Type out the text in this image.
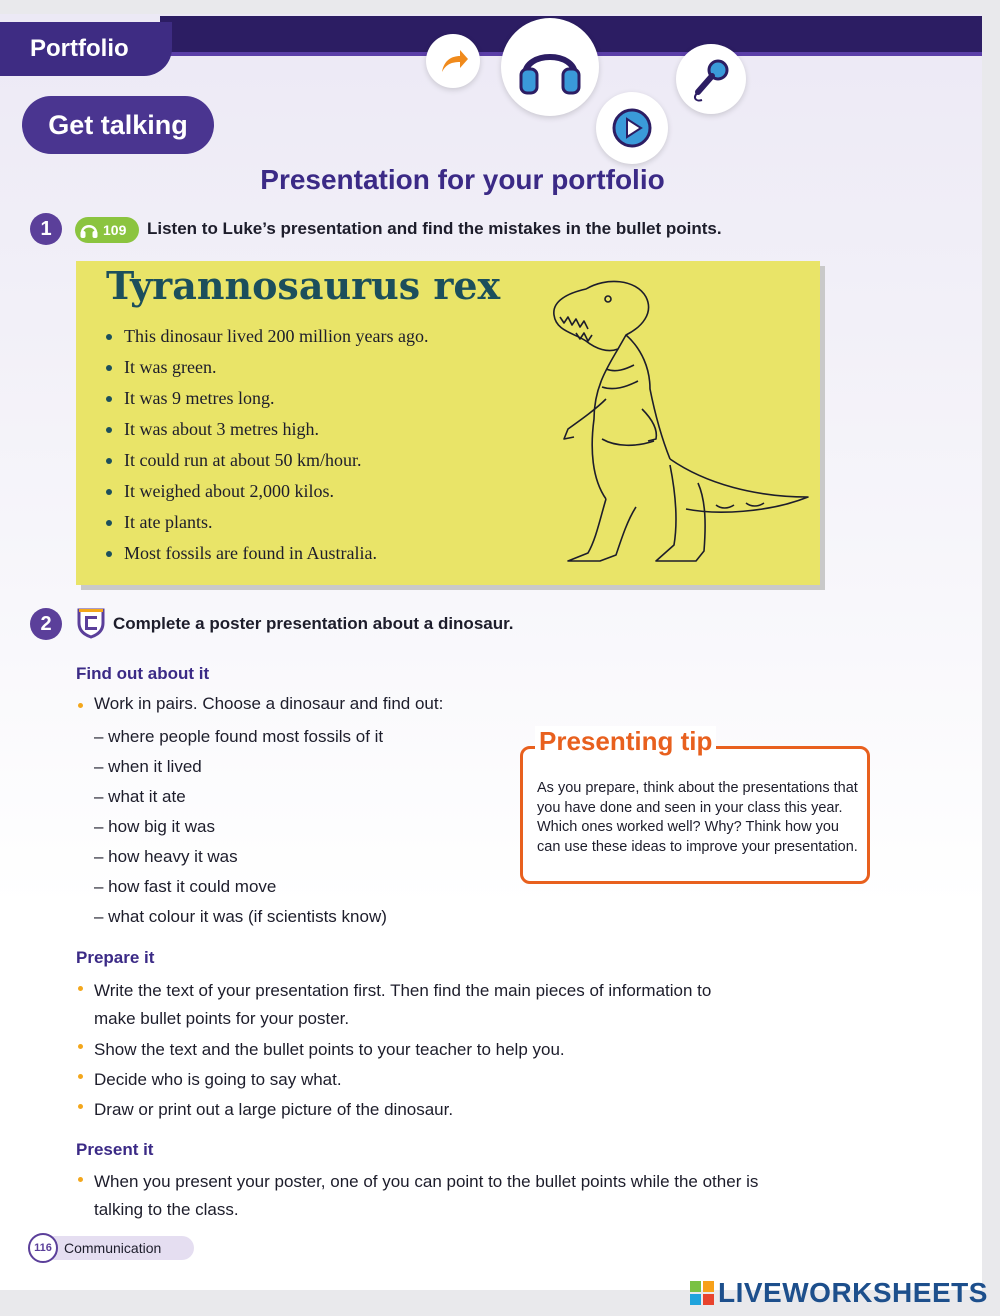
Portfolio
Get talking
Presentation for your portfolio
1	109 Listen to Luke’s presentation and find the mistakes in the bullet points.
Tyrannosaurus rex
This dinosaur lived 200 million years ago.
It was green.
It was 9 metres long.
It was about 3 metres high.
It could run at about 50 km/hour.
It weighed about 2,000 kilos.
It ate plants.
Most fossils are found in Australia.
2	Complete a poster presentation about a dinosaur.
Find out about it
Work in pairs. Choose a dinosaur and find out:
– where people found most fossils of it
– when it lived
– what it ate
– how big it was
– how heavy it was
– how fast it could move
– what colour it was (if scientists know)
As you prepare, think about the presentations that you have done and seen in your class this year. Which ones worked well? Why? Think how you can use these ideas to improve your presentation.
Presenting tip
Prepare it
Write the text of your presentation first. Then find the main pieces of information to make bullet points for your poster.
Show the text and the bullet points to your teacher to help you.
Decide who is going to say what.
Draw or print out a large picture of the dinosaur.
Present it
When you present your poster, one of you can point to the bullet points while the other is talking to the class.
116 Communication
LIVEWORKSHEETS
